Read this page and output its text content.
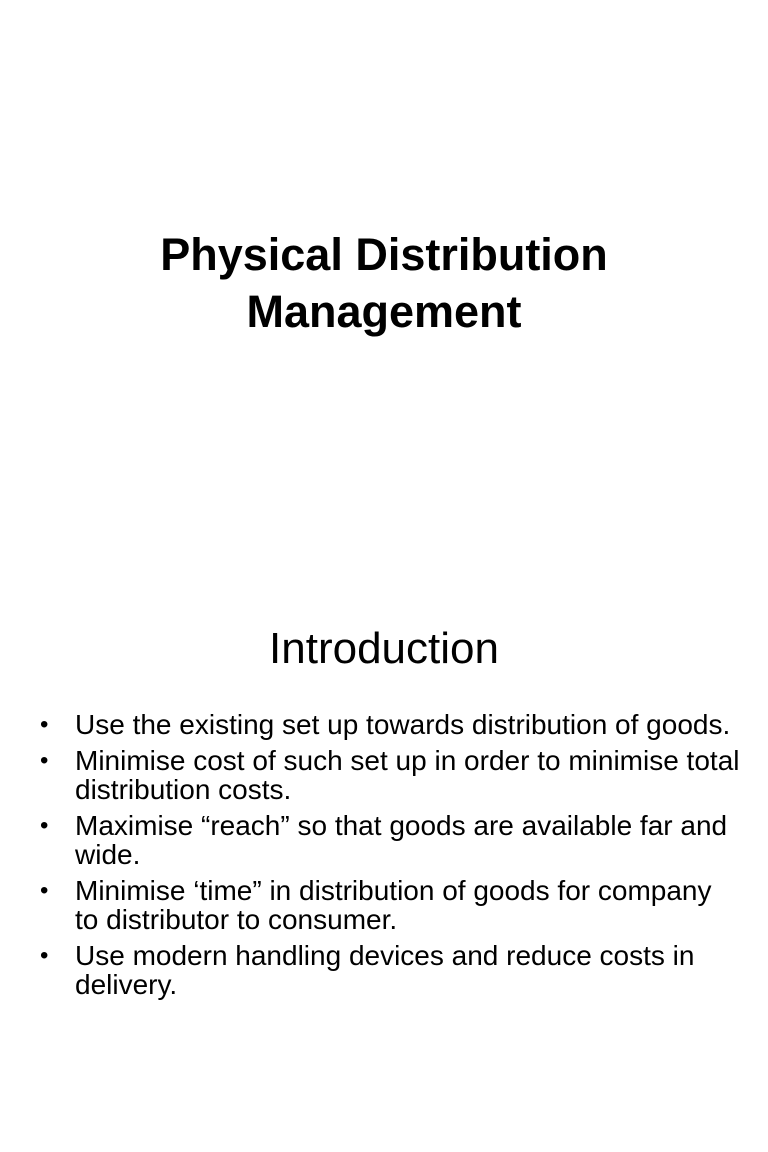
Physical Distribution
Management
Introduction
• Use the existing set up towards distribution of goods.
• Minimise cost of such set up in order to minimise total distribution costs.
• Maximise “reach” so that goods are available far and wide.
• Minimise ‘time” in distribution of goods for company to distributor to consumer.
• Use modern handling devices and reduce costs in delivery.
